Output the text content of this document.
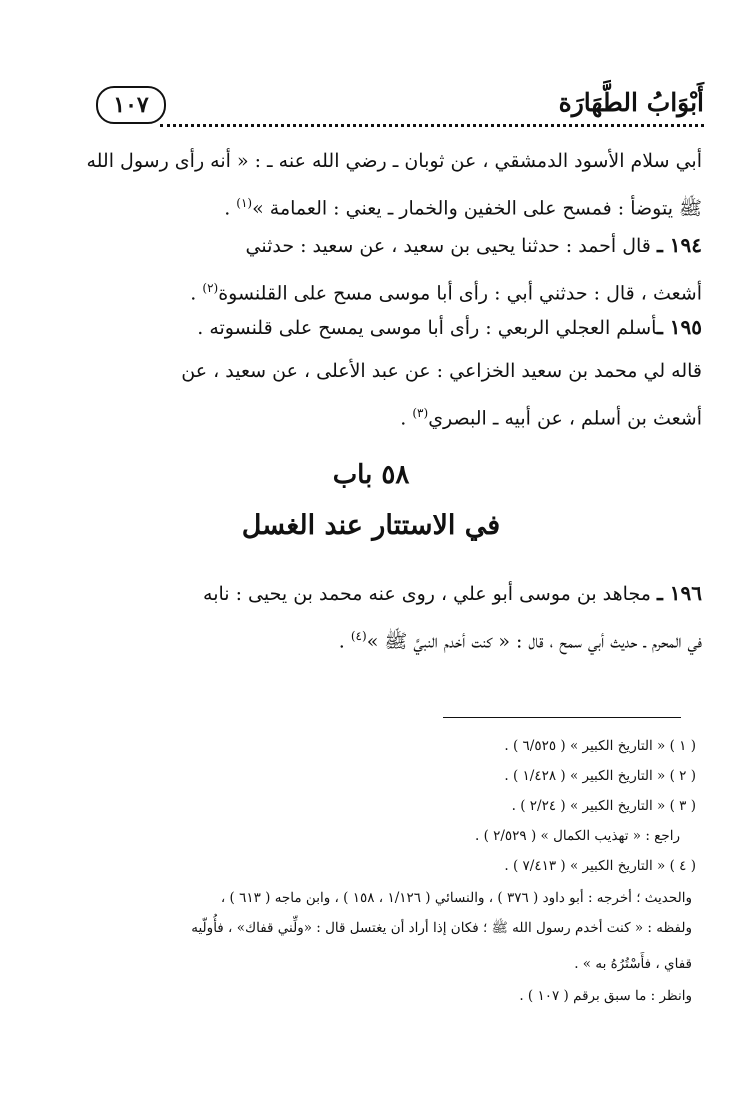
أَبْوَابُ الطَّهَارَة
١٠٧
أبي سلام الأسود الدمشقي ، عن ثوبان ـ رضي الله عنه ـ : « أنه رأى رسول الله
ﷺ يتوضأ : فمسح على الخفين والخمار ـ يعني : العمامة »$^{(١)}$ .
١٩٤ ـ قال أحمد : حدثنا يحيى بن سعيد ، عن سعيد : حدثني
أشعث ، قال : حدثني أبي : رأى أبا موسى مسح على القلنسوة$^{(٢)}$ .
١٩٥ ـأسلم العجلي الربعي : رأى أبا موسى يمسح على قلنسوته .
قاله لي محمد بن سعيد الخزاعي : عن عبد الأعلى ، عن سعيد ، عن
أشعث بن أسلم ، عن أبيه ـ البصري$^{(٣)}$ .
٥٨ باب
في الاستتار عند الغسل
١٩٦ ـ مجاهد بن موسى أبو علي ، روى عنه محمد بن يحيى : نابه
في المحرم ـ حديث أبي سمح ، قال : « كنت أخدم النبيَّ ﷺ »$^{(٤)}$ .
( ١ ) « التاريخ الكبير » ( ٦/٥٢٥ ) .
( ٢ ) « التاريخ الكبير » ( ١/٤٢٨ ) .
( ٣ ) « التاريخ الكبير » ( ٢/٢٤ ) .
راجع : « تهذيب الكمال » ( ٢/٥٢٩ ) .
( ٤ ) « التاريخ الكبير » ( ٧/٤١٣ ) .
والحديث ؛ أخرجه : أبو داود ( ٣٧٦ ) ، والنسائي ( ١/١٢٦ ، ١٥٨ ) ، وابن ماجه ( ٦١٣ ) ،
ولفظه : « كنت أخدم رسول الله ﷺ ؛ فكان إذا أراد أن يغتسل قال : «ولِّني قفاك» ، فأُولّيه
قفاي ، فأَسْتُرُهُ به » .
وانظر : ما سبق برقم ( ١٠٧ ) .
